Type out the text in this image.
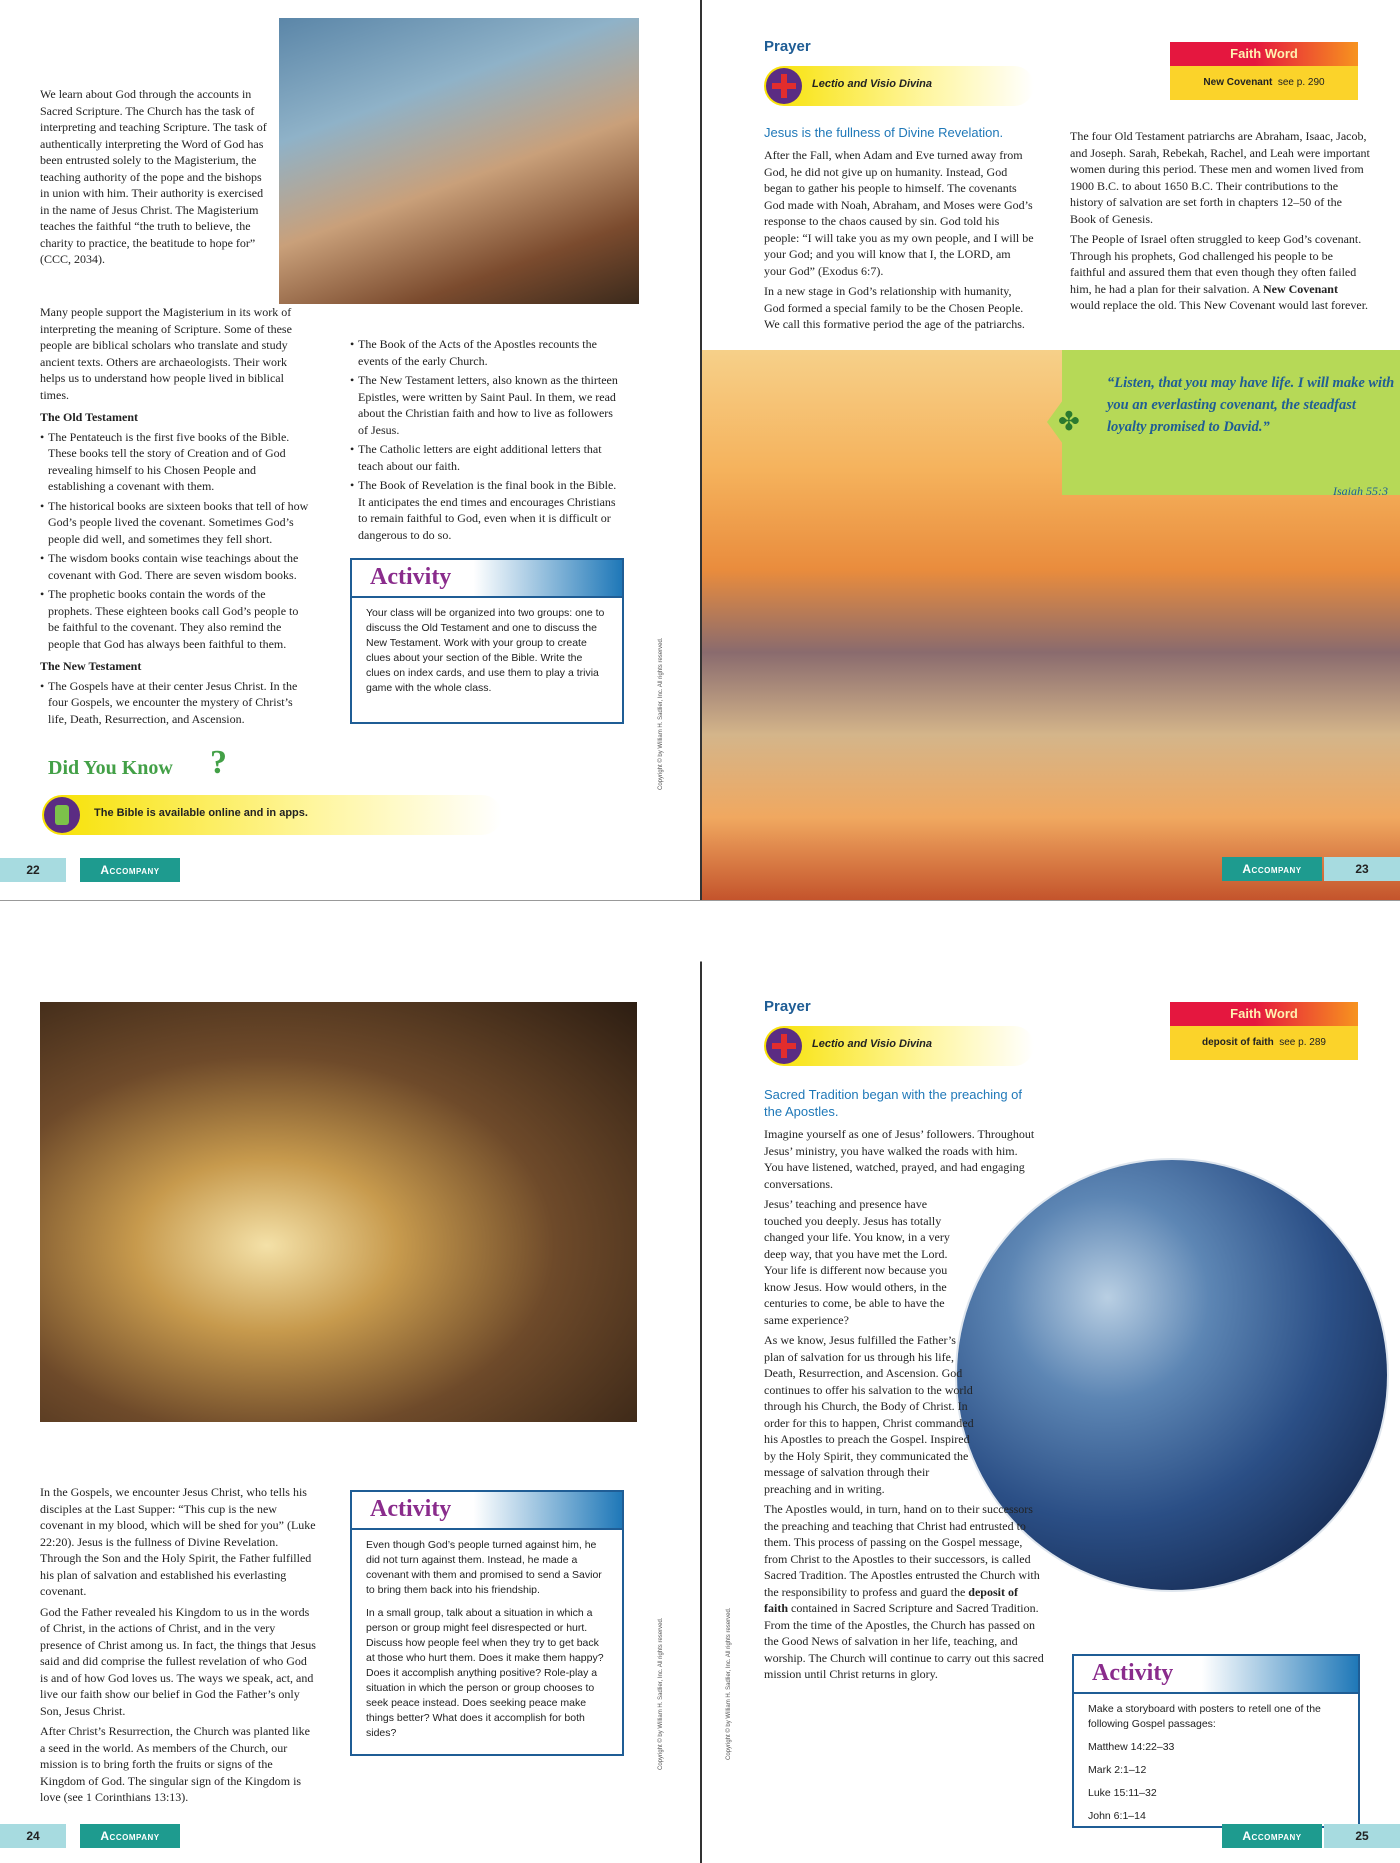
We learn about God through the accounts in Sacred Scripture. The Church has the task of interpreting and teaching Scripture. The task of authentically interpreting the Word of God has been entrusted solely to the Magisterium, the teaching authority of the pope and the bishops in union with him. Their authority is exercised in the name of Jesus Christ. The Magisterium teaches the faithful “the truth to believe, the charity to practice, the beatitude to hope for” (CCC, 2034).

Many people support the Magisterium in its work of interpreting the meaning of Scripture. Some of these people are biblical scholars who translate and study ancient texts. Others are archaeologists. Their work helps us to understand how people lived in biblical times.

The Old Testament
• The Pentateuch is the first five books of the Bible. These books tell the story of Creation and of God revealing himself to his Chosen People and establishing a covenant with them.
• The historical books are sixteen books that tell of how God’s people lived the covenant. Sometimes God’s people did well, and sometimes they fell short.
• The wisdom books contain wise teachings about the covenant with God. There are seven wisdom books.
• The prophetic books contain the words of the prophets. These eighteen books call God’s people to be faithful to the covenant. They also remind the people that God has always been faithful to them.
The New Testament
• The Gospels have at their center Jesus Christ. In the four Gospels, we encounter the mystery of Christ’s life, Death, Resurrection, and Ascension.
• The Book of the Acts of the Apostles recounts the events of the early Church.
• The New Testament letters, also known as the thirteen Epistles, were written by Saint Paul. In them, we read about the Christian faith and how to live as followers of Jesus.
• The Catholic letters are eight additional letters that teach about our faith.
• The Book of Revelation is the final book in the Bible. It anticipates the end times and encourages Christians to remain faithful to God, even when it is difficult or dangerous to do so.
Activity

Your class will be organized into two groups: one to discuss the Old Testament and one to discuss the New Testament. Work with your group to create clues about your section of the Bible. Write the clues on index cards, and use them to play a trivia game with the whole class.

Did You Know ?
The Bible is available online and in apps.
Copyright © by William H. Sadlier, Inc. All rights reserved.
22	Accompany
Prayer
Lectio and Visio Divina
Faith Word
New Covenant see p. 290
Jesus is the fullness of Divine Revelation.

After the Fall, when Adam and Eve turned away from God, he did not give up on humanity. Instead, God began to gather his people to himself. The covenants God made with Noah, Abraham, and Moses were God’s response to the chaos caused by sin. God told his people: “I will take you as my own people, and I will be your God; and you will know that I, the LORD, am your God” (Exodus 6:7).

In a new stage in God’s relationship with humanity, God formed a special family to be the Chosen People. We call this formative period the age of the patriarchs.

The four Old Testament patriarchs are Abraham, Isaac, Jacob, and Joseph. Sarah, Rebekah, Rachel, and Leah were important women during this period. These men and women lived from 1900 B.C. to about 1650 B.C. Their contributions to the history of salvation are set forth in chapters 12–50 of the Book of Genesis.

The People of Israel often struggled to keep God’s covenant. Through his prophets, God challenged his people to be faithful and assured them that even though they often failed him, he had a plan for their salvation. A New Covenant would replace the old. This New Covenant would last forever.

✤
“Listen, that you may have life. I will make with you an everlasting covenant, the steadfast loyalty promised to David.”
Isaiah 55:3
Accompany	23

In the Gospels, we encounter Jesus Christ, who tells his disciples at the Last Supper: “This cup is the new covenant in my blood, which will be shed for you” (Luke 22:20). Jesus is the fullness of Divine Revelation. Through the Son and the Holy Spirit, the Father fulfilled his plan of salvation and established his everlasting covenant.

God the Father revealed his Kingdom to us in the words of Christ, in the actions of Christ, and in the very presence of Christ among us. In fact, the things that Jesus said and did comprise the fullest revelation of who God is and of how God loves us. The ways we speak, act, and live our faith show our belief in God the Father’s only Son, Jesus Christ.

After Christ’s Resurrection, the Church was planted like a seed in the world. As members of the Church, our mission is to bring forth the fruits or signs of the Kingdom of God. The singular sign of the Kingdom is love (see 1 Corinthians 13:13).

Activity

Even though God’s people turned against him, he did not turn against them. Instead, he made a covenant with them and promised to send a Savior to bring them back into his friendship.

In a small group, talk about a situation in which a person or group might feel disrespected or hurt. Discuss how people feel when they try to get back at those who hurt them. Does it make them happy? Does it accomplish anything positive? Role-play a situation in which the person or group chooses to seek peace instead. Does seeking peace make things better? What does it accomplish for both sides?	Copyright © by William H. Sadlier, Inc. All rights reserved.
24	Accompany
Prayer
Lectio and Visio Divina
Faith Word
deposit of faith see p. 289
Sacred Tradition began with the preaching of the Apostles.

Imagine yourself as one of Jesus’ followers. Throughout Jesus’ ministry, you have walked the roads with him. You have listened, watched, prayed, and had engaging conversations.

Jesus’ teaching and presence have touched you deeply. Jesus has totally changed your life. You know, in a very deep way, that you have met the Lord. Your life is different now because you know Jesus. How would others, in the centuries to come, be able to have the same experience?

As we know, Jesus fulfilled the Father’s plan of salvation for us through his life, Death, Resurrection, and Ascension. God continues to offer his salvation to the world through his Church, the Body of Christ. In order for this to happen, Christ commanded his Apostles to preach the Gospel. Inspired by the Holy Spirit, they communicated the message of salvation through their preaching and in writing.

The Apostles would, in turn, hand on to their successors the preaching and teaching that Christ had entrusted to them. This process of passing on the Gospel message, from Christ to the Apostles to their successors, is called Sacred Tradition. The Apostles entrusted the Church with the responsibility to profess and guard the deposit of faith contained in Sacred Scripture and Sacred Tradition. From the time of the Apostles, the Church has passed on the Good News of salvation in her life, teaching, and worship. The Church will continue to carry out this sacred mission until Christ returns in glory.	Activity

Make a storyboard with posters to retell one of the following Gospel passages:

Matthew 14:22–33

Mark 2:1–12

Luke 15:11–32

John 6:1–14

Copyright © by William H. Sadlier, Inc. All rights reserved.
Accompany	25
